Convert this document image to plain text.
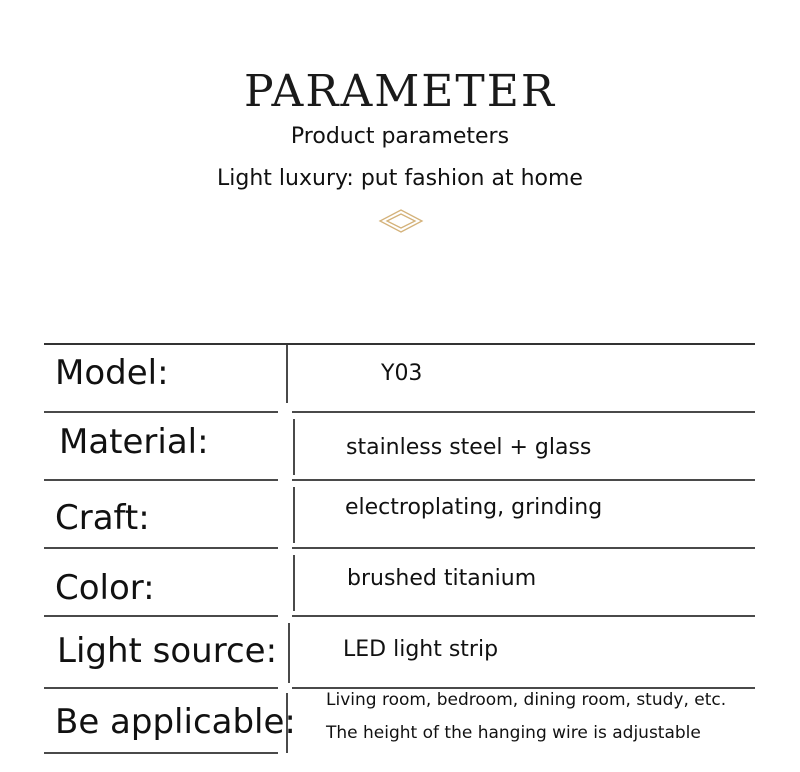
PARAMETER
Product parameters
Light luxury: put fashion at home
Model:	Y03
Material:	stainless steel + glass
Craft:	electroplating, grinding
Color:	brushed titanium
Light source:	LED light strip
Be applicable:
Living room, bedroom, dining room, study, etc.
The height of the hanging wire is adjustable
